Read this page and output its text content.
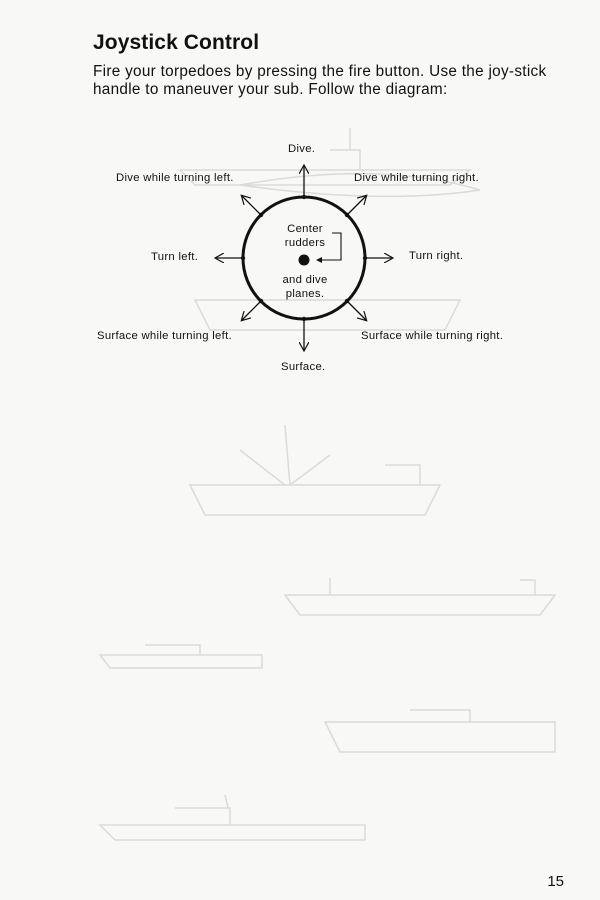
Joystick Control

Fire your torpedoes by pressing the fire button. Use the joy-stick handle to maneuver your sub. Follow the diagram:

Dive.
Dive while turning left.	Dive while turning right.
Turn left.	Turn right.
Surface while turning left.	Surface while turning right.
Surface.
Center
rudders
and dive
planes.
15
